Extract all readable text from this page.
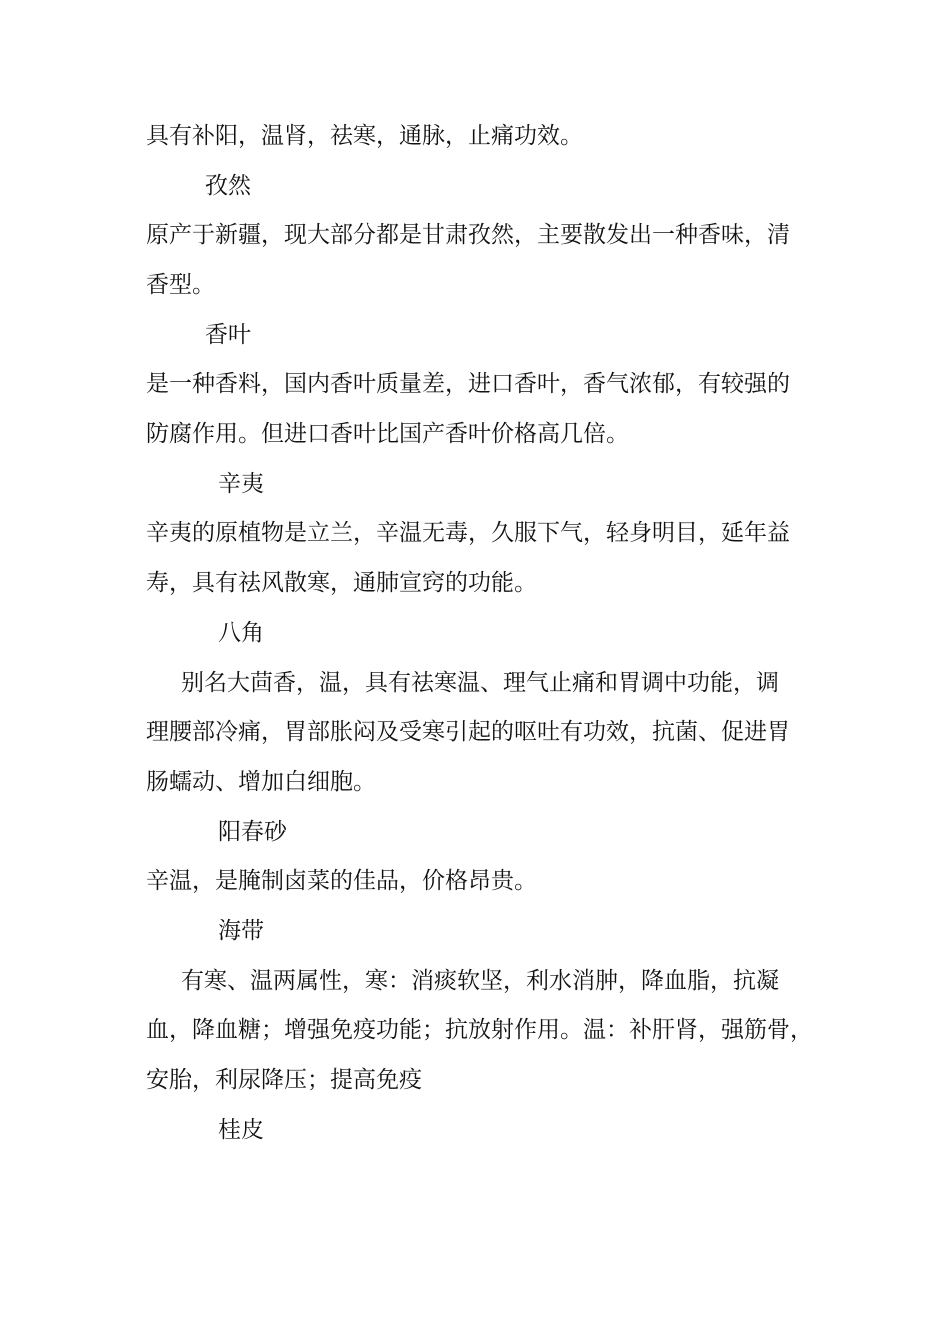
具有补阳，温肾，祛寒，通脉，止痛功效。
孜然
原产于新疆，现大部分都是甘肃孜然，主要散发出一种香味，清
香型。
香叶
是一种香料，国内香叶质量差，进口香叶，香气浓郁，有较强的
防腐作用。但进口香叶比国产香叶价格高几倍。
辛夷
辛夷的原植物是立兰，辛温无毒，久服下气，轻身明目，延年益
寿，具有祛风散寒，通肺宣窍的功能。
八角
别名大茴香，温，具有祛寒温、理气止痛和胃调中功能，调
理腰部冷痛，胃部胀闷及受寒引起的呕吐有功效，抗菌、促进胃
肠蠕动、增加白细胞。
阳春砂
辛温，是腌制卤菜的佳品，价格昂贵。
海带
有寒、温两属性，寒：消痰软坚，利水消肿，降血脂，抗凝
血，降血糖；增强免疫功能；抗放射作用。温：补肝肾，强筋骨，
安胎，利尿降压；提高免疫
桂皮
